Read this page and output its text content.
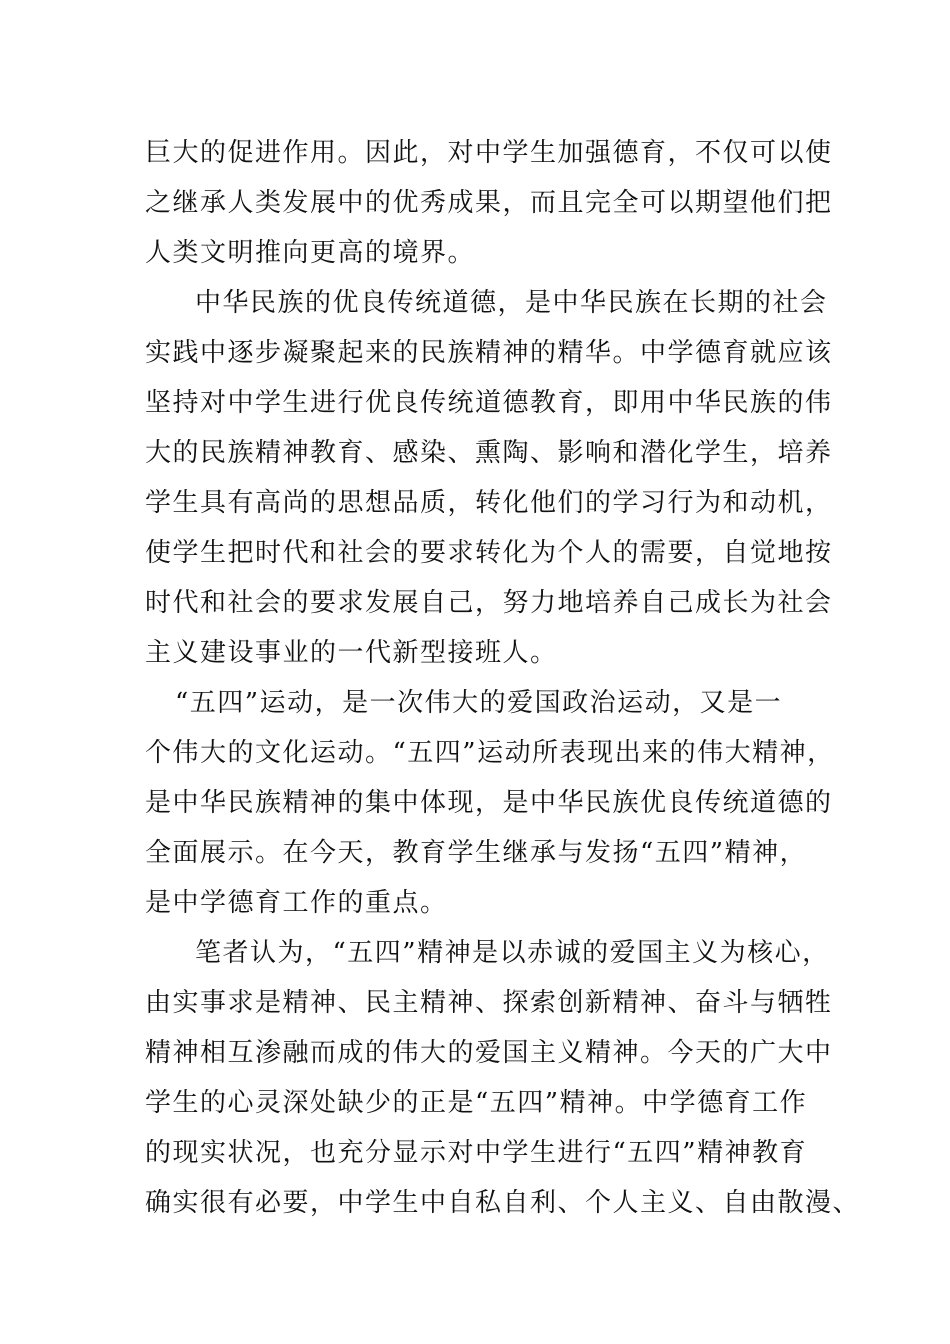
巨大的促进作用。因此，对中学生加强德育，不仅可以使
之继承人类发展中的优秀成果，而且完全可以期望他们把
人类文明推向更高的境界。
中华民族的优良传统道德，是中华民族在长期的社会
实践中逐步凝聚起来的民族精神的精华。中学德育就应该
坚持对中学生进行优良传统道德教育，即用中华民族的伟
大的民族精神教育、感染、熏陶、影响和潜化学生，培养
学生具有高尚的思想品质，转化他们的学习行为和动机，
使学生把时代和社会的要求转化为个人的需要，自觉地按
时代和社会的要求发展自己，努力地培养自己成长为社会
主义建设事业的一代新型接班人。
“五四”运动，是一次伟大的爱国政治运动，又是一
个伟大的文化运动。“五四”运动所表现出来的伟大精神，
是中华民族精神的集中体现，是中华民族优良传统道德的
全面展示。在今天，教育学生继承与发扬“五四”精神，
是中学德育工作的重点。
笔者认为，“五四”精神是以赤诚的爱国主义为核心，
由实事求是精神、民主精神、探索创新精神、奋斗与牺牲
精神相互渗融而成的伟大的爱国主义精神。今天的广大中
学生的心灵深处缺少的正是“五四”精神。中学德育工作
的现实状况，也充分显示对中学生进行“五四”精神教育
确实很有必要，中学生中自私自利、个人主义、自由散漫、
